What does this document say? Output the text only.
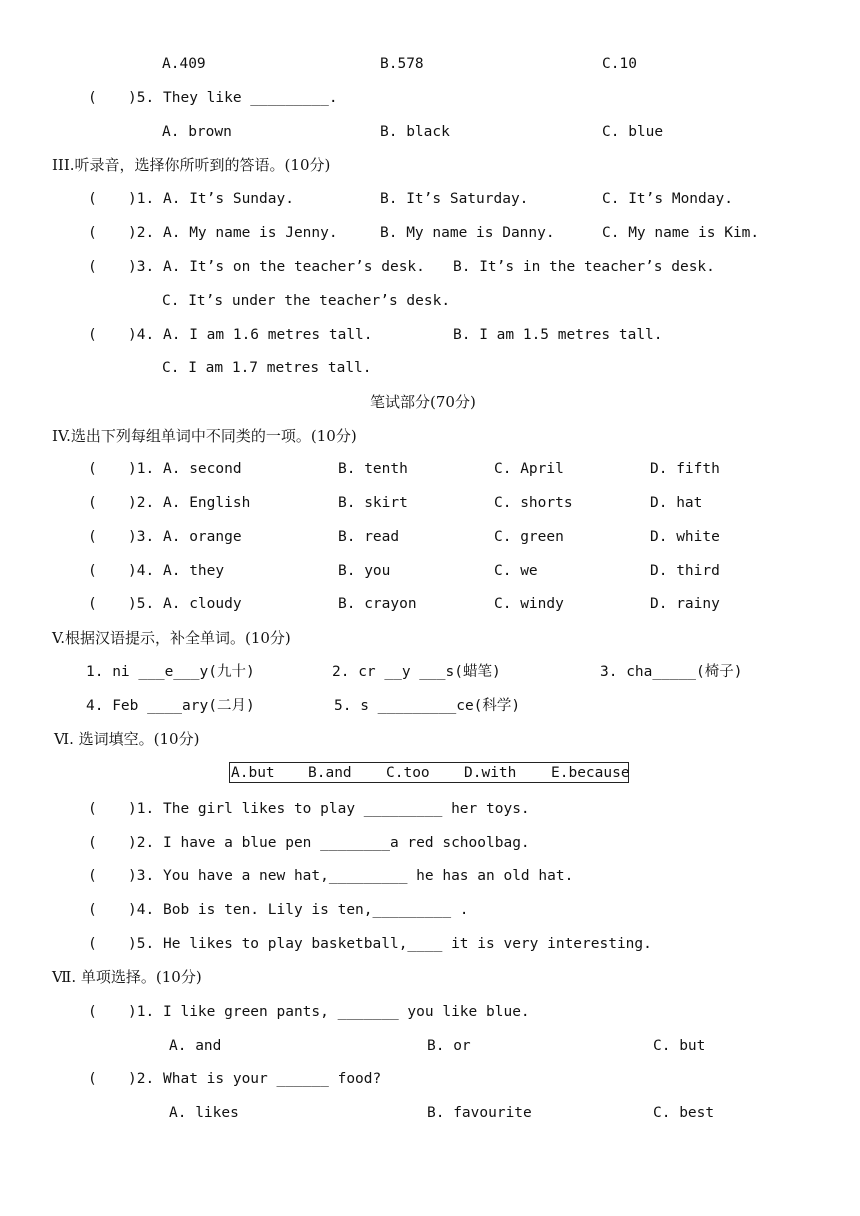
A.409	B.578	C.10
( )5. They like _________.
A. brown	B. black	C. blue
III.听录音，选择你所听到的答语。(10分)
( )1. A. It’s Sunday.	B. It’s Saturday.	C. It’s Monday.
( )2. A. My name is Jenny.	B. My name is Danny.	C. My name is Kim.
( )3. A. It’s on the teacher’s desk. B. It’s in the teacher’s desk.
C. It’s under the teacher’s desk.
( )4. A. I am 1.6 metres tall.	B. I am 1.5 metres tall.
C. I am 1.7 metres tall.
笔试部分(70分)
IV.选出下列每组单词中不同类的一项。(10分)
( )1. A. second	B. tenth	C. April	D. fifth
( )2. A. English	B. skirt	C. shorts	D. hat
( )3. A. orange	B. read	C. green	D. white
( )4. A. they	B. you	C. we	D. third
( )5. A. cloudy	B. crayon	C. windy	D. rainy
V.根据汉语提示，补全单词。(10分)
1. ni ___e___y(九十)	2. cr __y ___s(蜡笔)	3. cha_____(椅子)
4. Feb ____ary(二月)	5. s _________ce(科学)
Ⅵ. 选词填空。(10分)
A.but B.and C.too D.with E.because
( )1. The girl likes to play _________ her toys.
( )2. I have a blue pen ________a red schoolbag.
( )3. You have a new hat,_________ he has an old hat.
( )4. Bob is ten. Lily is ten,_________ .
( )5. He likes to play basketball,____ it is very interesting.
Ⅶ. 单项选择。(10分)
( )1. I like green pants, _______ you like blue.
A. and	B. or	C. but
( )2. What is your ______ food?
A. likes	B. favourite	C. best
